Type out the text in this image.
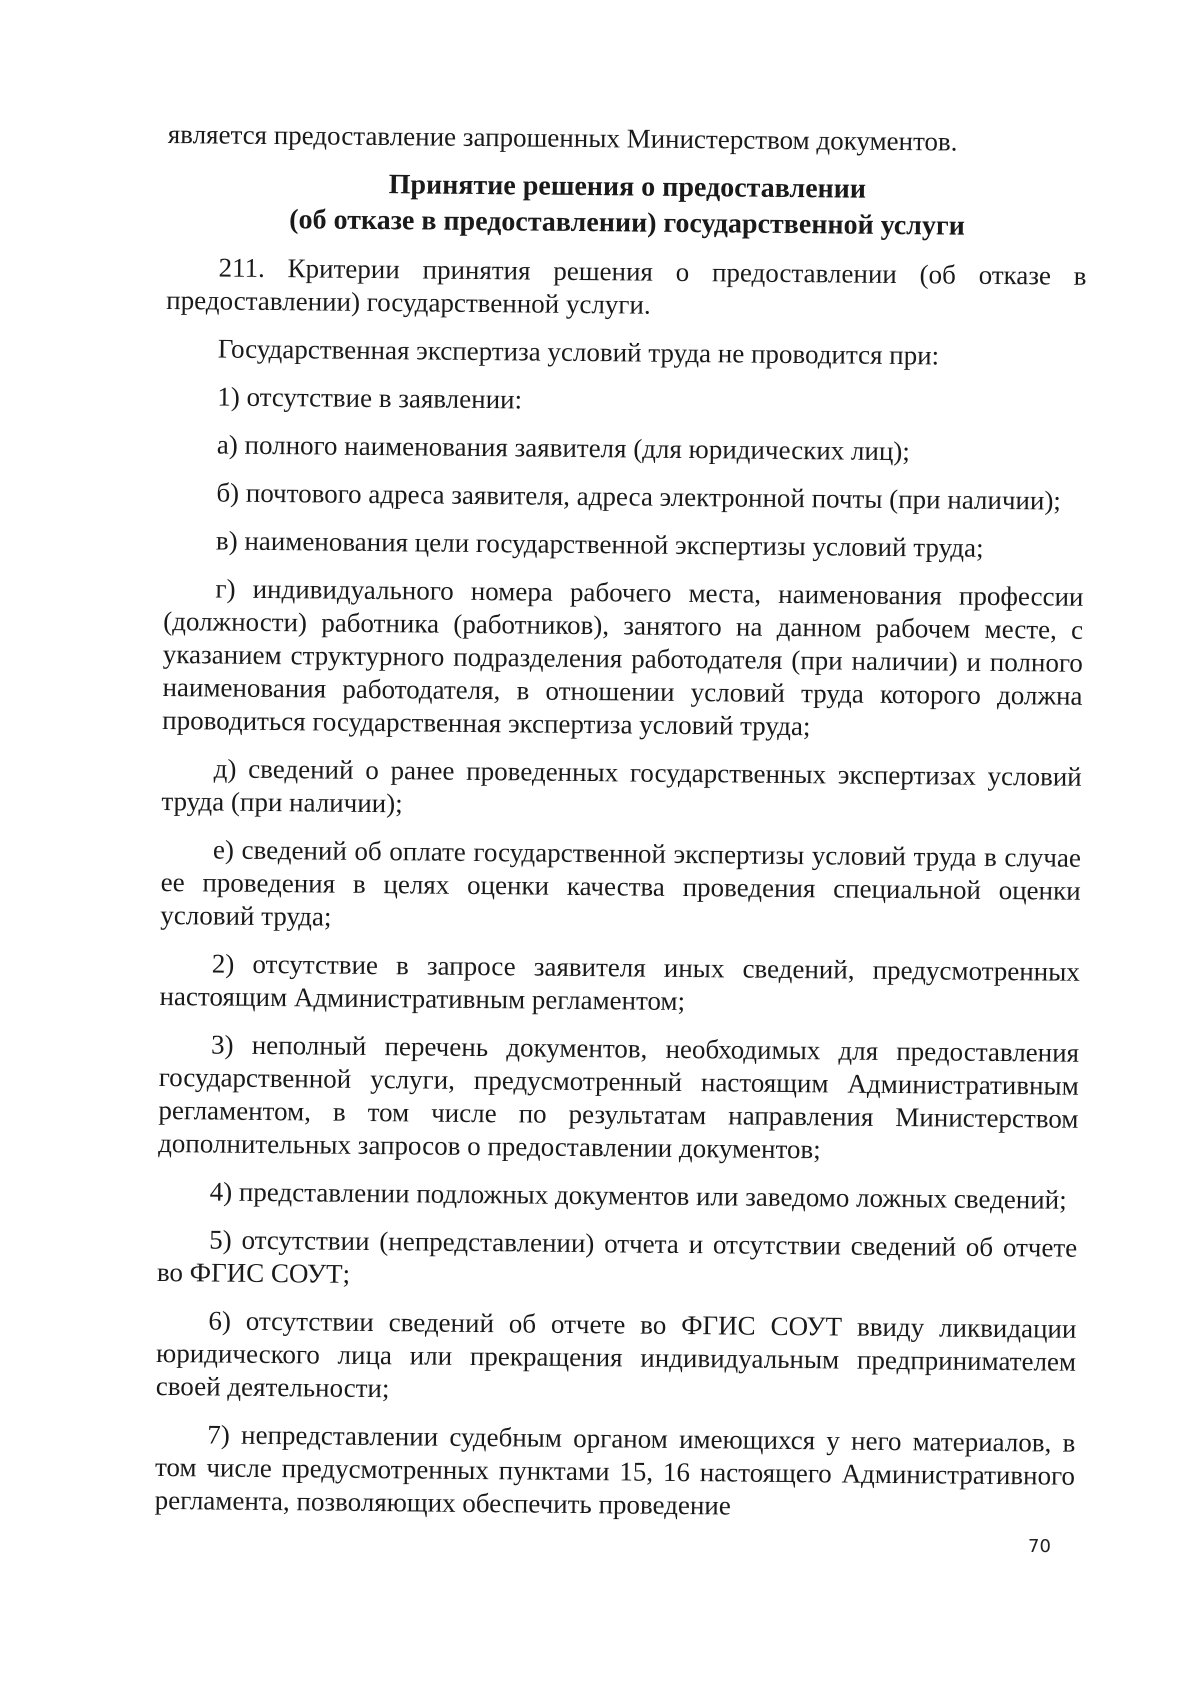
является предоставление запрошенных Министерством документов.

Принятие решения о предоставлении

(об отказе в предоставлении) государственной услуги

211. Критерии принятия решения о предоставлении (об отказе в предоставлении) государственной услуги.

Государственная экспертиза условий труда не проводится при:

1) отсутствие в заявлении:

а) полного наименования заявителя (для юридических лиц);

б) почтового адреса заявителя, адреса электронной почты (при наличии);

в) наименования цели государственной экспертизы условий труда;

г) индивидуального номера рабочего места, наименования профессии (должности) работника (работников), занятого на данном рабочем месте, с указанием структурного подразделения работодателя (при наличии) и полного наименования работодателя, в отношении условий труда которого должна проводиться государственная экспертиза условий труда;

д) сведений о ранее проведенных государственных экспертизах условий труда (при наличии);

е) сведений об оплате государственной экспертизы условий труда в случае ее проведения в целях оценки качества проведения специальной оценки условий труда;

2) отсутствие в запросе заявителя иных сведений, предусмотренных настоящим Административным регламентом;

3) неполный перечень документов, необходимых для предоставления государственной услуги, предусмотренный настоящим Административным регламентом, в том числе по результатам направления Министерством дополнительных запросов о предоставлении документов;

4) представлении подложных документов или заведомо ложных сведений;

5) отсутствии (непредставлении) отчета и отсутствии сведений об отчете во ФГИС СОУТ;

6) отсутствии сведений об отчете во ФГИС СОУТ ввиду ликвидации юридического лица или прекращения индивидуальным предпринимателем своей деятельности;

7) непредставлении судебным органом имеющихся у него материалов, в том числе предусмотренных пунктами 15, 16 настоящего Административного регламента, позволяющих обеспечить проведение

70
